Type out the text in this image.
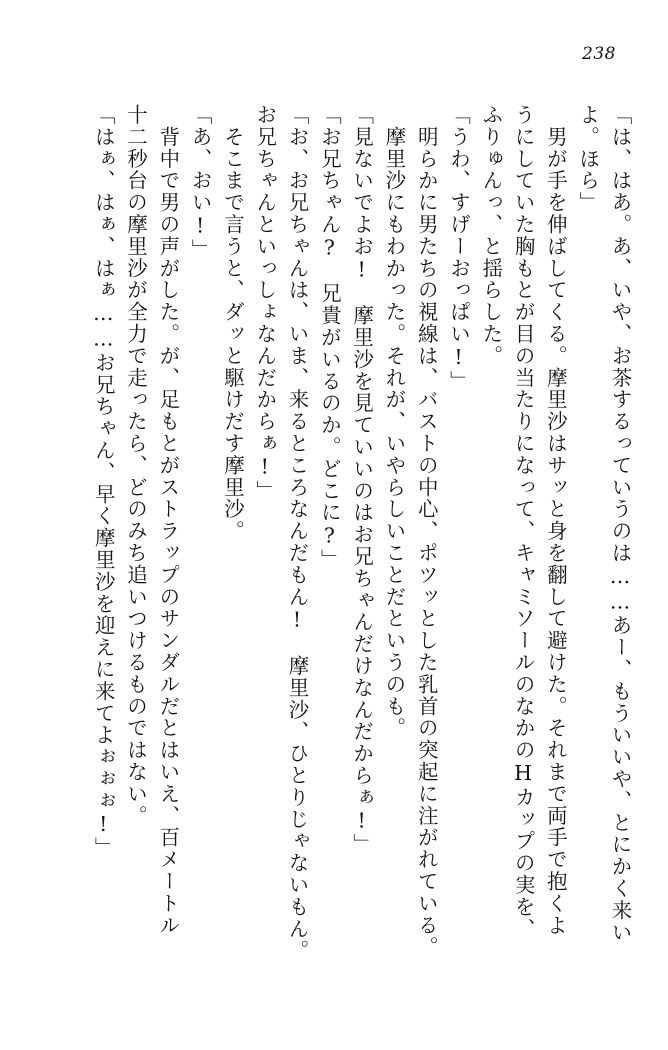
238
「は、はあ。あ、いや、お茶するっていうのは……あー、もういいや、とにかく来い
よ。ほら」
　男が手を伸ばしてくる。摩里沙はサッと身を翻して避けた。それまで両手で抱くよ
うにしていた胸もとが目の当たりになって、キャミソールのなかのHカップの実を、
ふりゅんっ、と揺らした。
「うわ、すげーおっぱい!」
　明らかに男たちの視線は、バストの中心、ポツッとした乳首の突起に注がれている。
　摩里沙にもわかった。それが、いやらしいことだというのも。
「見ないでよお!　摩里沙を見ていいのはお兄ちゃんだけなんだからぁ!」
「お兄ちゃん?　兄貴がいるのか。どこに?」
「お、お兄ちゃんは、いま、来るところなんだもん!　摩里沙、ひとりじゃないもん。
お兄ちゃんといっしょなんだからぁ!」
　そこまで言うと、ダッと駆けだす摩里沙。
「あ、おい!」
　背中で男の声がした。が、足もとがストラップのサンダルだとはいえ、百メートル
十二秒台の摩里沙が全力で走ったら、どのみち追いつけるものではない。
「はぁ、はぁ、はぁ……お兄ちゃん、早く摩里沙を迎えに来てよぉぉぉ!」
